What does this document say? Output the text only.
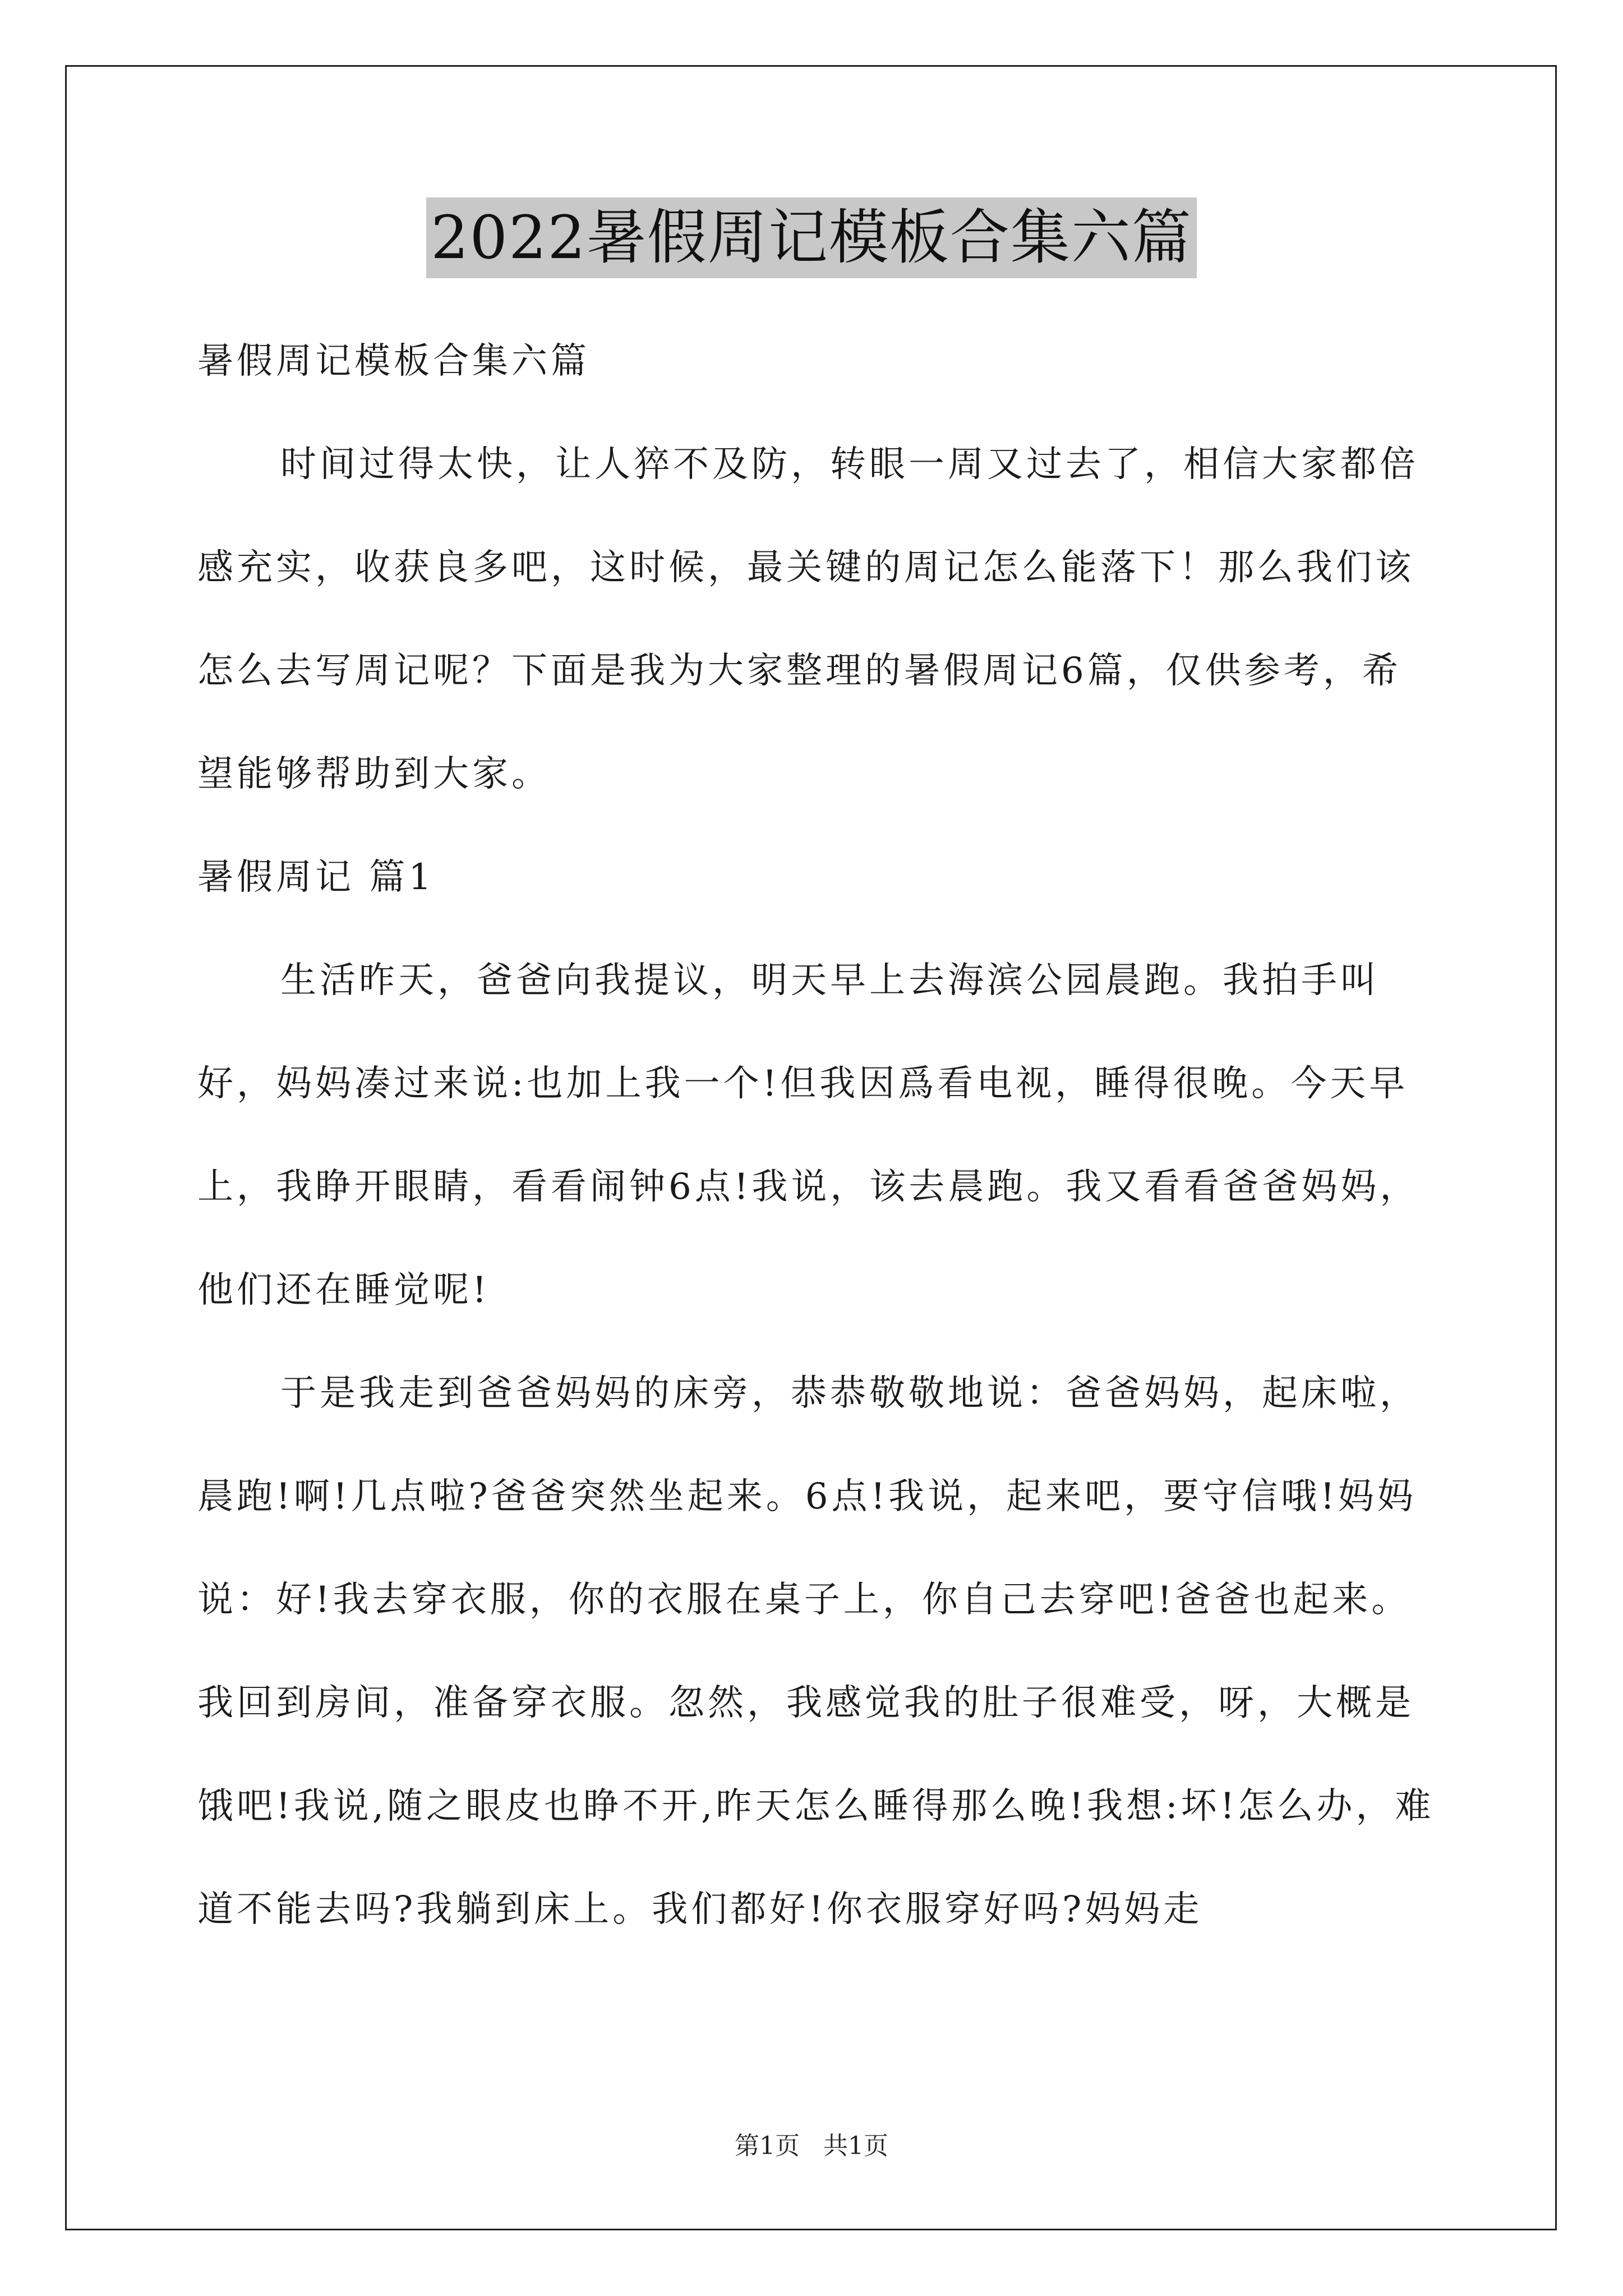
2022暑假周记模板合集六篇

暑假周记模板合集六篇

时间过得太快，让人猝不及防，转眼一周又过去了，相信大家都倍感充实，收获良多吧，这时候，最关键的周记怎么能落下！那么我们该怎么去写周记呢？下面是我为大家整理的暑假周记6篇，仅供参考，希望能够帮助到大家。

暑假周记 篇1

生活昨天，爸爸向我提议，明天早上去海滨公园晨跑。我拍手叫好，妈妈凑过来说:也加上我一个!但我因爲看电视，睡得很晚。今天早上，我睁开眼睛，看看闹钟6点!我说，该去晨跑。我又看看爸爸妈妈，他们还在睡觉呢!

于是我走到爸爸妈妈的床旁，恭恭敬敬地说：爸爸妈妈，起床啦，晨跑!啊!几点啦?爸爸突然坐起来。6点!我说，起来吧，要守信哦!妈妈说：好!我去穿衣服，你的衣服在桌子上，你自己去穿吧!爸爸也起来。我回到房间，准备穿衣服。忽然，我感觉我的肚子很难受，呀，大概是饿吧!我说,随之眼皮也睁不开,昨天怎么睡得那么晚!我想:坏!怎么办，难道不能去吗?我躺到床上。我们都好!你衣服穿好吗?妈妈走

第1页 共1页
